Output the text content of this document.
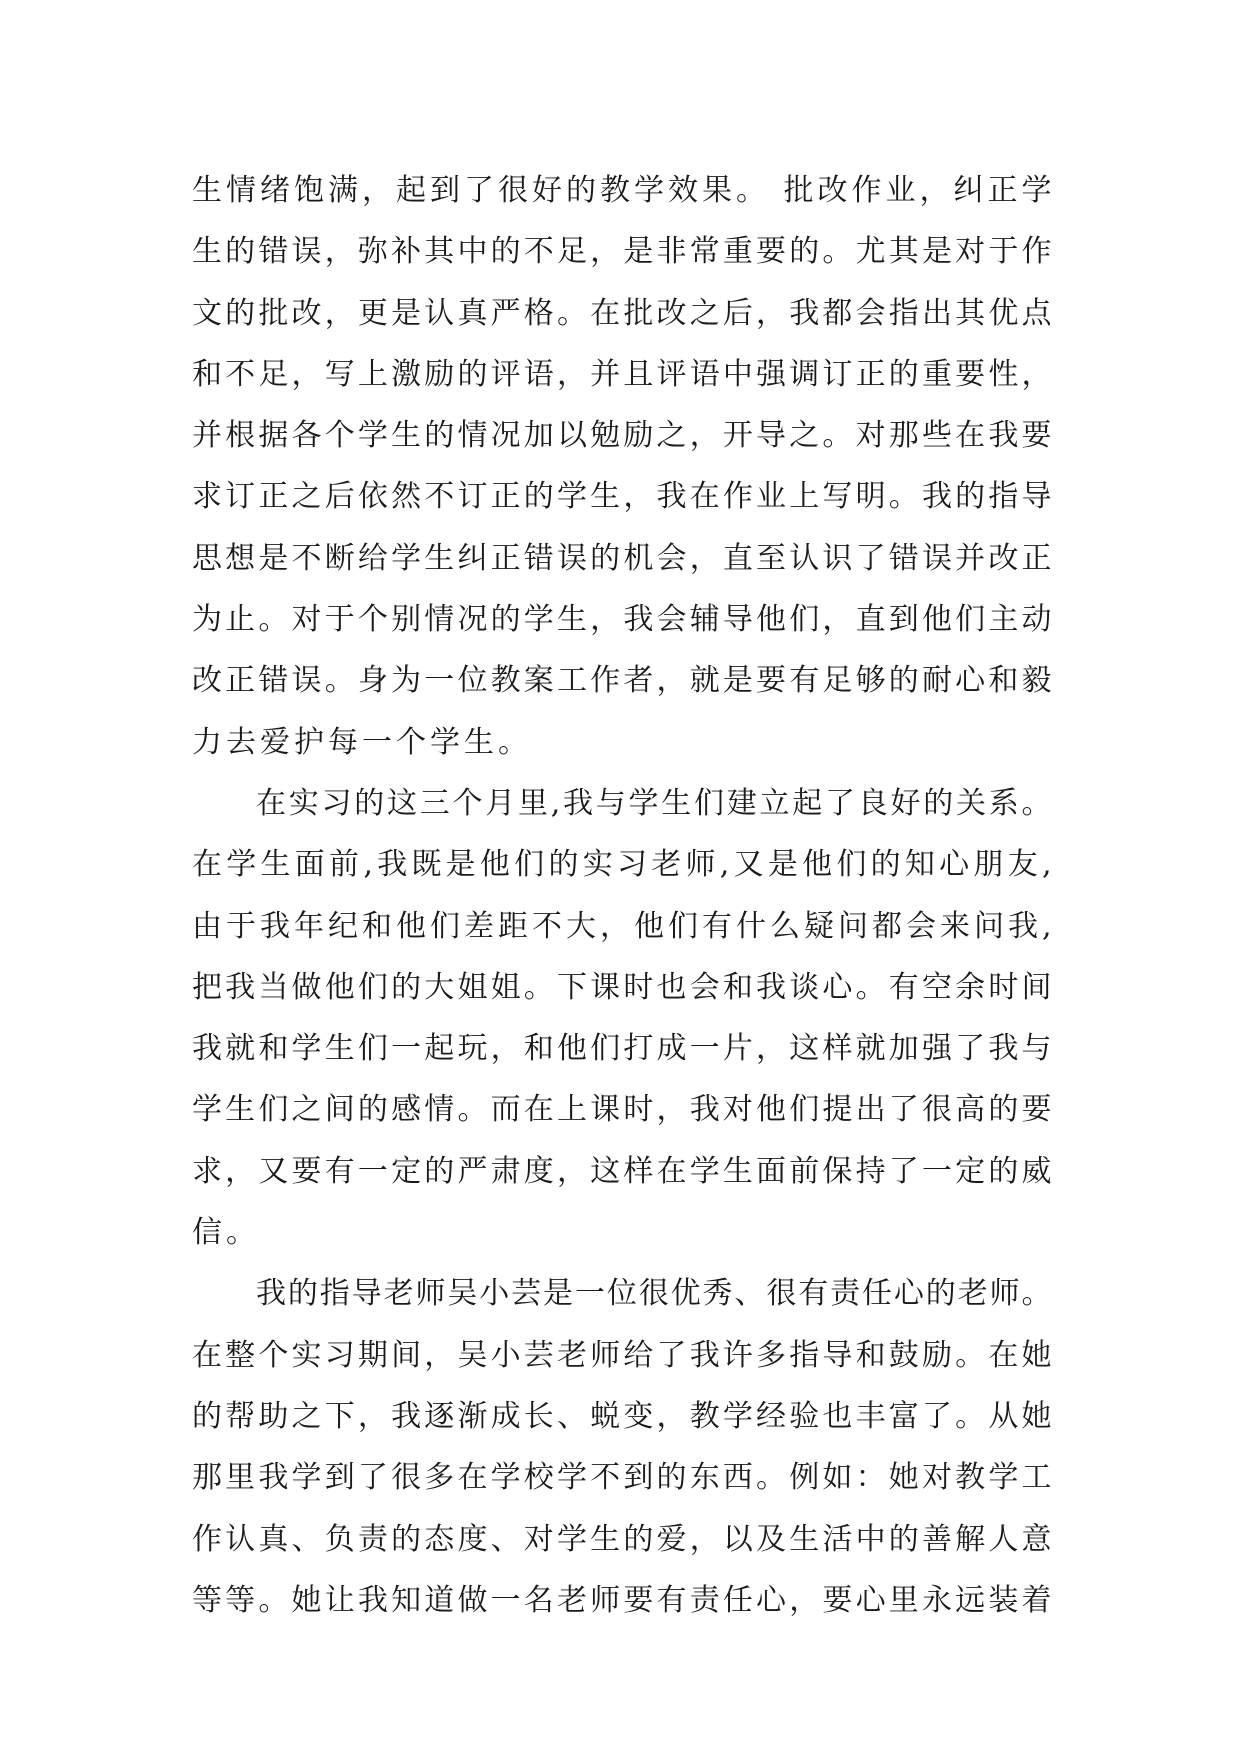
生情绪饱满，起到了很好的教学效果。 批改作业，纠正学
生的错误，弥补其中的不足，是非常重要的。尤其是对于作
文的批改，更是认真严格。在批改之后，我都会指出其优点
和不足，写上激励的评语，并且评语中强调订正的重要性，
并根据各个学生的情况加以勉励之，开导之。对那些在我要
求订正之后依然不订正的学生，我在作业上写明。我的指导
思想是不断给学生纠正错误的机会，直至认识了错误并改正
为止。对于个别情况的学生，我会辅导他们，直到他们主动
改正错误。身为一位教案工作者，就是要有足够的耐心和毅
力去爱护每一个学生。
在实习的这三个月里,我与学生们建立起了良好的关系。
在学生面前,我既是他们的实习老师,又是他们的知心朋友,
由于我年纪和他们差距不大，他们有什么疑问都会来问我,
把我当做他们的大姐姐。下课时也会和我谈心。有空余时间
我就和学生们一起玩，和他们打成一片，这样就加强了我与
学生们之间的感情。而在上课时，我对他们提出了很高的要
求，又要有一定的严肃度，这样在学生面前保持了一定的威
信。
我的指导老师吴小芸是一位很优秀、很有责任心的老师。
在整个实习期间，吴小芸老师给了我许多指导和鼓励。在她
的帮助之下，我逐渐成长、蜕变，教学经验也丰富了。从她
那里我学到了很多在学校学不到的东西。例如：她对教学工
作认真、负责的态度、对学生的爱，以及生活中的善解人意
等等。她让我知道做一名老师要有责任心，要心里永远装着
